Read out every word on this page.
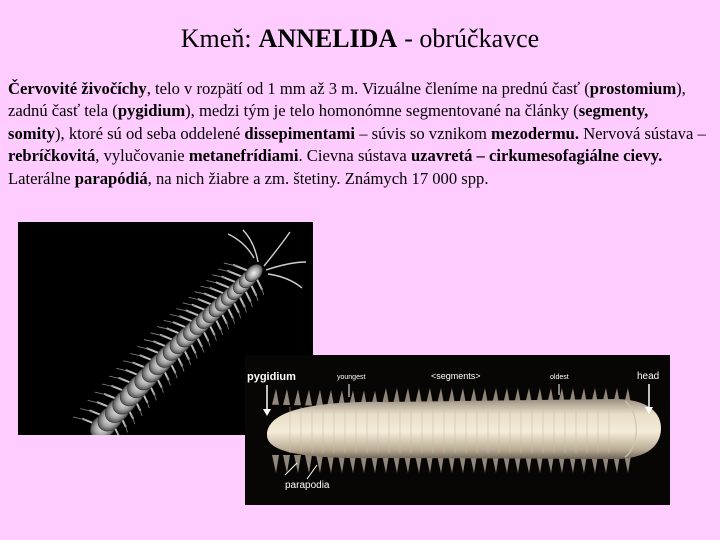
Kmeň: ANNELIDA - obrúčkavce
Červovité živočíchy, telo v rozpätí od 1 mm až 3 m. Vizuálne členíme na prednú časť (prostomium), zadnú časť tela (pygidium), medzi tým je telo homonómne segmentované na články (segmenty, somity), ktoré sú od seba oddelené dissepimentami – súvis so vznikom mezodermu. Nervová sústava – rebríčkovitá, vylučovanie metanefrídiami. Cievna sústava uzavretá – cirkumesofagiálne cievy. Laterálne parapódiá, na nich žiabre a zm. štetiny. Známych 17 000 spp.
pygidium	youngest	<segments>	oldest	head
parapodia
